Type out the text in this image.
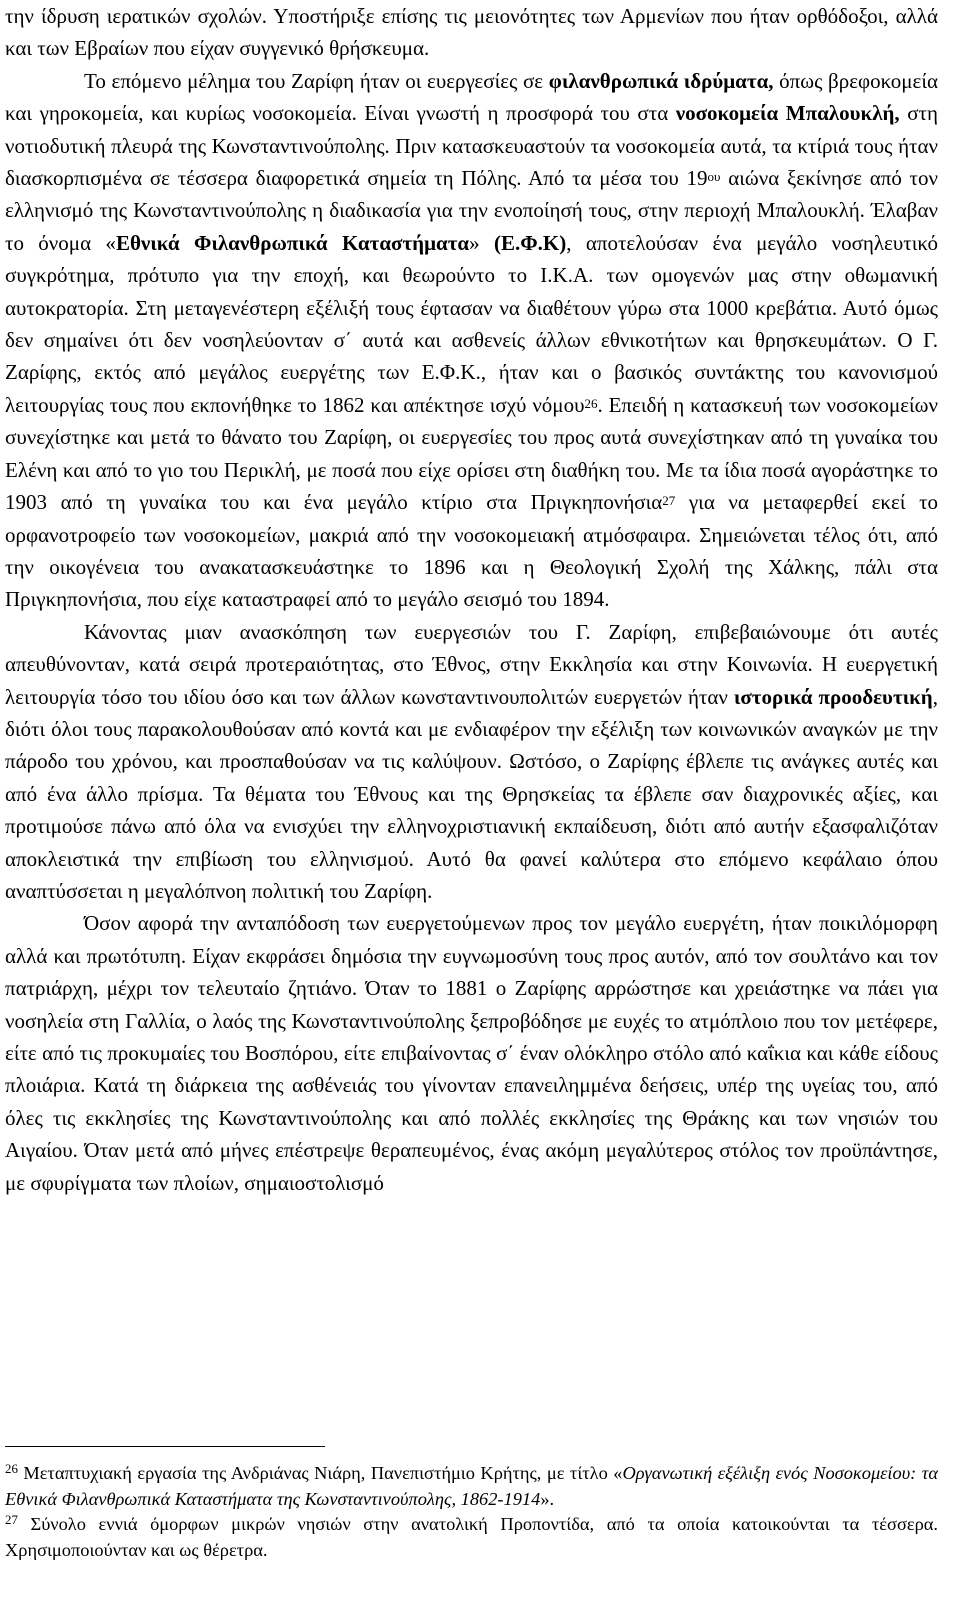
την ίδρυση ιερατικών σχολών. Υποστήριξε επίσης τις μειονότητες των Αρμενίων που ήταν ορθόδοξοι, αλλά και των Εβραίων που είχαν συγγενικό θρήσκευμα.

Το επόμενο μέλημα του Ζαρίφη ήταν οι ευεργεσίες σε φιλανθρωπικά ιδρύματα, όπως βρεφοκομεία και γηροκομεία, και κυρίως νοσοκομεία. Είναι γνωστή η προσφορά του στα νοσοκομεία Μπαλουκλή, στη νοτιοδυτική πλευρά της Κωνσταντινούπολης. Πριν κατασκευαστούν τα νοσοκομεία αυτά, τα κτίριά τους ήταν διασκορπισμένα σε τέσσερα διαφορετικά σημεία τη Πόλης. Από τα μέσα του $19^{o\upsilon}$ αιώνα ξεκίνησε από τον ελληνισμό της Κωνσταντινούπολης η διαδικασία για την ενοποίησή τους, στην περιοχή Μπαλουκλή. Έλαβαν το όνομα «Εθνικά Φιλανθρωπικά Καταστήματα» (Ε.Φ.Κ), αποτελούσαν ένα μεγάλο νοσηλευτικό συγκρότημα, πρότυπο για την εποχή, και θεωρούντο το Ι.Κ.Α. των ομογενών μας στην οθωμανική αυτοκρατορία. Στη μεταγενέστερη εξέλιξή τους έφτασαν να διαθέτουν γύρω στα 1000 κρεβάτια. Αυτό όμως δεν σημαίνει ότι δεν νοσηλεύονταν σ΄ αυτά και ασθενείς άλλων εθνικοτήτων και θρησκευμάτων. Ο Γ. Ζαρίφης, εκτός από μεγάλος ευεργέτης των Ε.Φ.Κ., ήταν και ο βασικός συντάκτης του κανονισμού λειτουργίας τους που εκπονήθηκε το 1862 και απέκτησε ισχύ νόμου$^{26}$. Επειδή η κατασκευή των νοσοκομείων συνεχίστηκε και μετά το θάνατο του Ζαρίφη, οι ευεργεσίες του προς αυτά συνεχίστηκαν από τη γυναίκα του Ελένη και από το γιο του Περικλή, με ποσά που είχε ορίσει στη διαθήκη του. Με τα ίδια ποσά αγοράστηκε το 1903 από τη γυναίκα του και ένα μεγάλο κτίριο στα Πριγκηπονήσια$^{27}$ για να μεταφερθεί εκεί το ορφανοτροφείο των νοσοκομείων, μακριά από την νοσοκομειακή ατμόσφαιρα. Σημειώνεται τέλος ότι, από την οικογένεια του ανακατασκευάστηκε το 1896 και η Θεολογική Σχολή της Χάλκης, πάλι στα Πριγκηπονήσια, που είχε καταστραφεί από το μεγάλο σεισμό του 1894.

Κάνοντας μιαν ανασκόπηση των ευεργεσιών του Γ. Ζαρίφη, επιβεβαιώνουμε ότι αυτές απευθύνονταν, κατά σειρά προτεραιότητας, στο Έθνος, στην Εκκλησία και στην Κοινωνία. Η ευεργετική λειτουργία τόσο του ιδίου όσο και των άλλων κωνσταντινουπολιτών ευεργετών ήταν ιστορικά προοδευτική, διότι όλοι τους παρακολουθούσαν από κοντά και με ενδιαφέρον την εξέλιξη των κοινωνικών αναγκών με την πάροδο του χρόνου, και προσπαθούσαν να τις καλύψουν. Ωστόσο, ο Ζαρίφης έβλεπε τις ανάγκες αυτές και από ένα άλλο πρίσμα. Τα θέματα του Έθνους και της Θρησκείας τα έβλεπε σαν διαχρονικές αξίες, και προτιμούσε πάνω από όλα να ενισχύει την ελληνοχριστιανική εκπαίδευση, διότι από αυτήν εξασφαλιζόταν αποκλειστικά την επιβίωση του ελληνισμού. Αυτό θα φανεί καλύτερα στο επόμενο κεφάλαιο όπου αναπτύσσεται η μεγαλόπνοη πολιτική του Ζαρίφη.

Όσον αφορά την ανταπόδοση των ευεργετούμενων προς τον μεγάλο ευεργέτη, ήταν ποικιλόμορφη αλλά και πρωτότυπη. Είχαν εκφράσει δημόσια την ευγνωμοσύνη τους προς αυτόν, από τον σουλτάνο και τον πατριάρχη, μέχρι τον τελευταίο ζητιάνο. Όταν το 1881 ο Ζαρίφης αρρώστησε και χρειάστηκε να πάει για νοσηλεία στη Γαλλία, ο λαός της Κωνσταντινούπολης ξεπροβόδησε με ευχές το ατμόπλοιο που τον μετέφερε, είτε από τις προκυμαίες του Βοσπόρου, είτε επιβαίνοντας σ΄ έναν ολόκληρο στόλο από καΐκια και κάθε είδους πλοιάρια. Κατά τη διάρκεια της ασθένειάς του γίνονταν επανειλημμένα δεήσεις, υπέρ της υγείας του, από όλες τις εκκλησίες της Κωνσταντινούπολης και από πολλές εκκλησίες της Θράκης και των νησιών του Αιγαίου. Όταν μετά από μήνες επέστρεψε θεραπευμένος, ένας ακόμη μεγαλύτερος στόλος τον προϋπάντησε, με σφυρίγματα των πλοίων, σημαιοστολισμό

$^{26}$ Μεταπτυχιακή εργασία της Ανδριάνας Νιάρη, Πανεπιστήμιο Κρήτης, με τίτλο «Οργανωτική εξέλιξη ενός Νοσοκομείου: τα Εθνικά Φιλανθρωπικά Καταστήματα της Κωνσταντινούπολης, 1862-1914».

$^{27}$ Σύνολο εννιά όμορφων μικρών νησιών στην ανατολική Προποντίδα, από τα οποία κατοικούνται τα τέσσερα. Χρησιμοποιούνταν και ως θέρετρα.
